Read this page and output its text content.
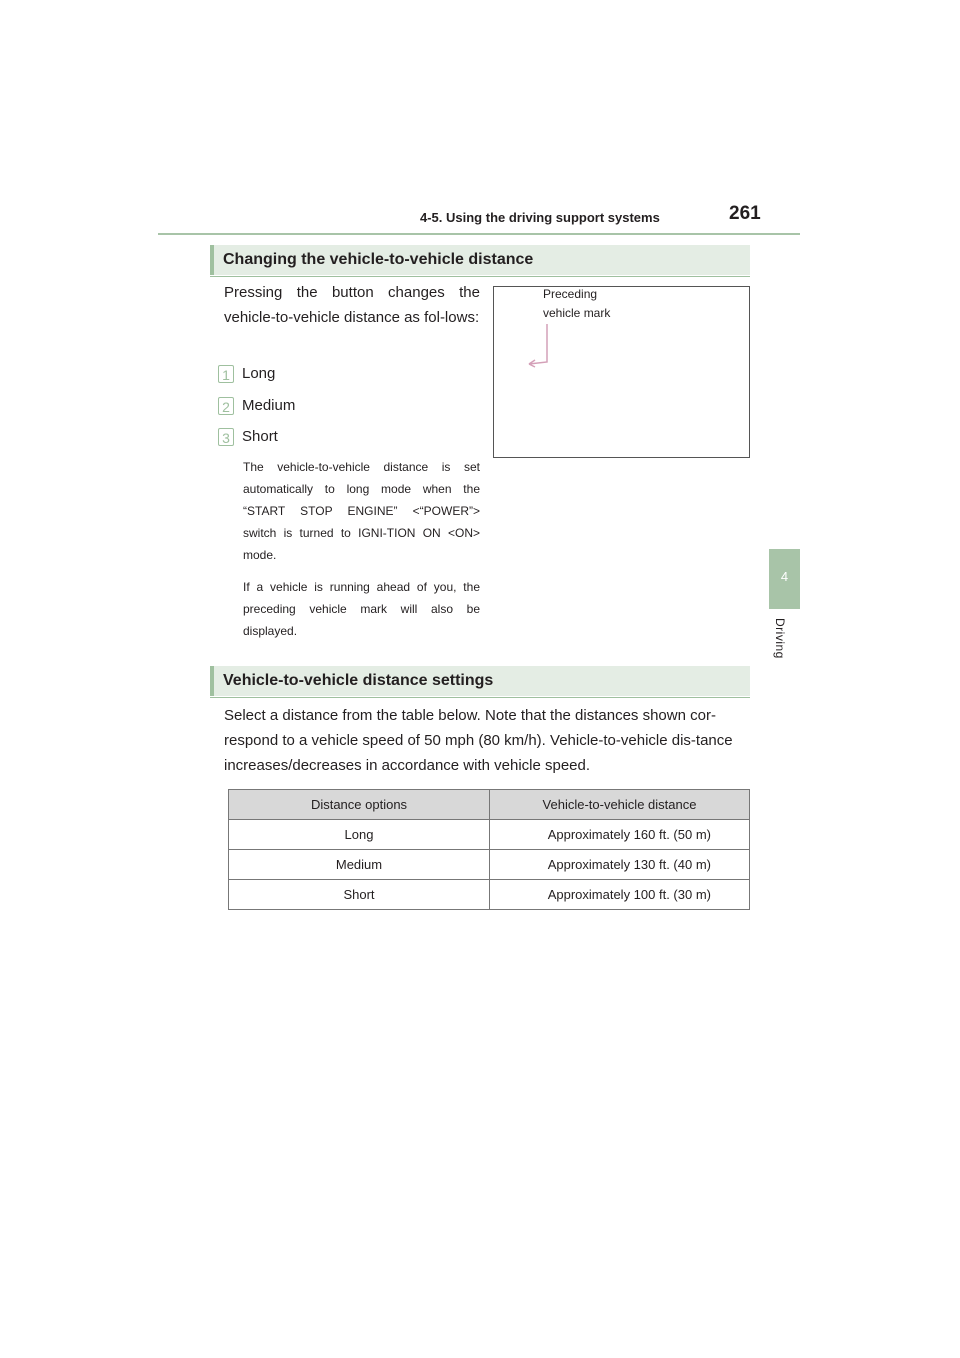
4-5. Using the driving support systems	261
4
Driving
Changing the vehicle-to-vehicle distance
Pressing the button changes the vehicle-to-vehicle distance as fol-lows:
1 Long
2 Medium
3 Short
The vehicle-to-vehicle distance is set automatically to long mode when the “START STOP ENGINE” <“POWER”> switch is turned to IGNI-TION ON <ON> mode.
If a vehicle is running ahead of you, the preceding vehicle mark will also be displayed.
Preceding
vehicle mark
Vehicle-to-vehicle distance settings
Select a distance from the table below. Note that the distances shown cor-respond to a vehicle speed of 50 mph (80 km/h). Vehicle-to-vehicle dis-tance increases/decreases in accordance with vehicle speed.
Distance options	Vehicle-to-vehicle distance
Long	Approximately 160 ft. (50 m)
Medium	Approximately 130 ft. (40 m)
Short	Approximately 100 ft. (30 m)
